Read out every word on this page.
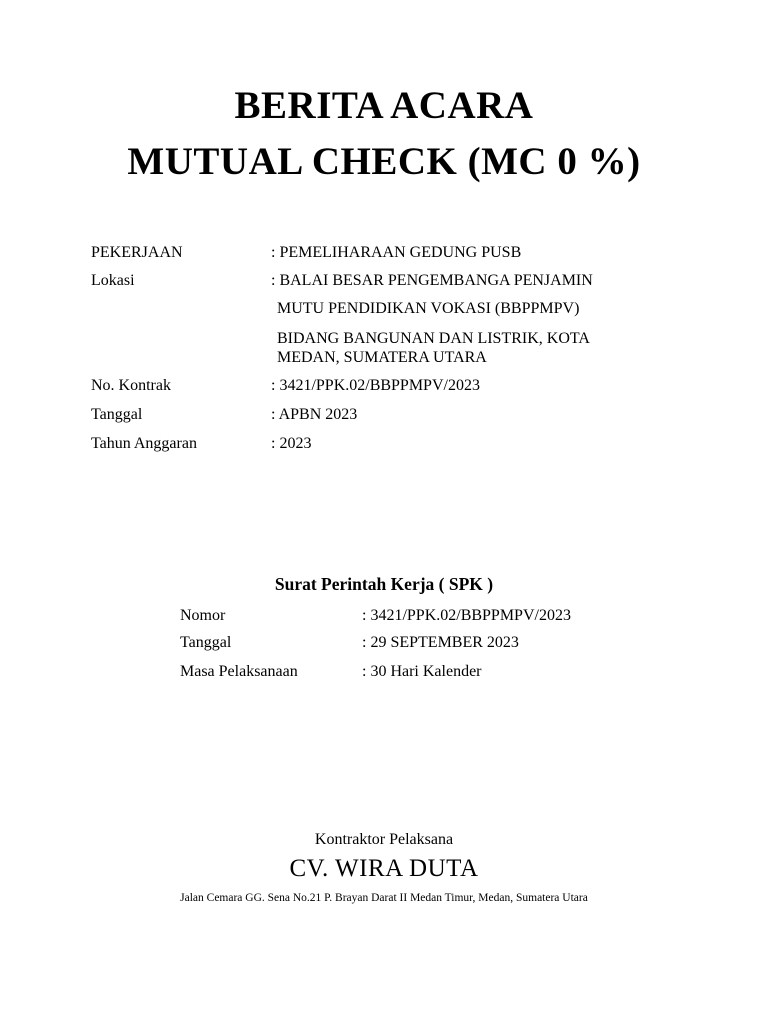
BERITA ACARA
MUTUAL CHECK (MC 0 %)
PEKERJAAN	: PEMELIHARAAN GEDUNG PUSB
Lokasi	: BALAI BESAR PENGEMBANGA PENJAMIN
MUTU PENDIDIKAN VOKASI (BBPPMPV)
BIDANG BANGUNAN DAN LISTRIK, KOTA
MEDAN, SUMATERA UTARA
No. Kontrak	: 3421/PPK.02/BBPPMPV/2023
Tanggal	: APBN 2023
Tahun Anggaran	: 2023
Surat Perintah Kerja ( SPK )
Nomor	: 3421/PPK.02/BBPPMPV/2023
Tanggal	: 29 SEPTEMBER 2023
Masa Pelaksanaan	: 30 Hari Kalender
Kontraktor Pelaksana
CV. WIRA DUTA
Jalan Cemara GG. Sena No.21 P. Brayan Darat II Medan Timur, Medan, Sumatera Utara
